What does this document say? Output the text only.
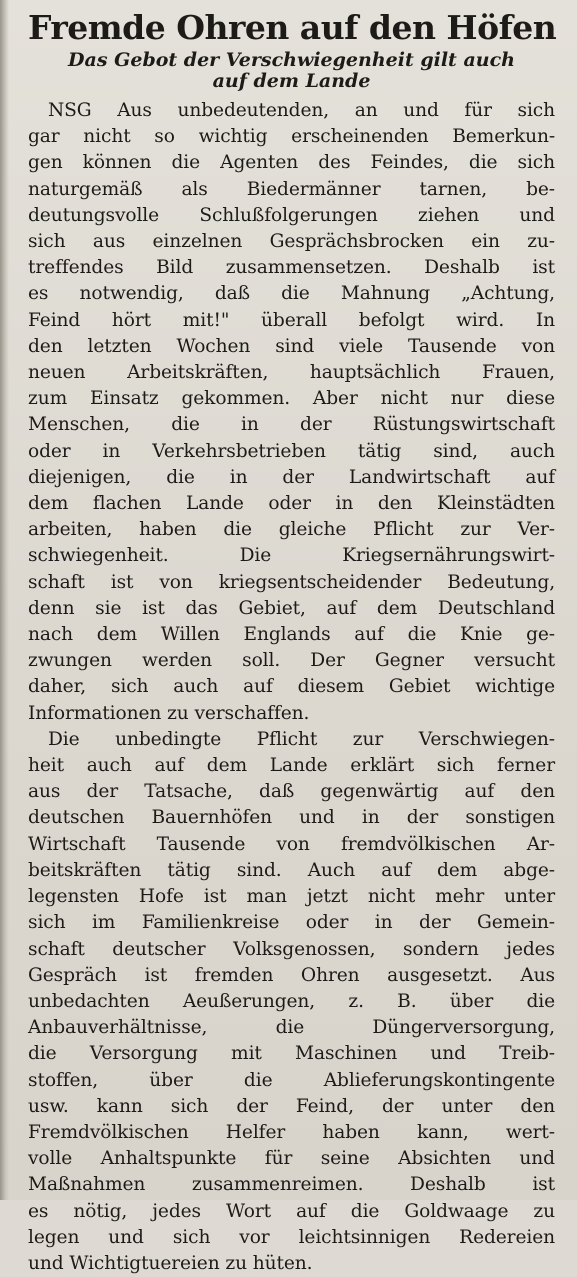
Fremde Ohren auf den Höfen
Das Gebot der Verschwiegenheit gilt auch
auf dem Lande

NSG Aus unbedeutenden, an und für sich
gar nicht so wichtig erscheinenden Bemerkun-
gen können die Agenten des Feindes, die sich
naturgemäß als Biedermänner tarnen, be-
deutungsvolle Schlußfolgerungen ziehen und
sich aus einzelnen Gesprächsbrocken ein zu-
treffendes Bild zusammensetzen. Deshalb ist
es notwendig, daß die Mahnung „Achtung,
Feind hört mit!" überall befolgt wird. In
den letzten Wochen sind viele Tausende von
neuen Arbeitskräften, hauptsächlich Frauen,
zum Einsatz gekommen. Aber nicht nur diese
Menschen, die in der Rüstungswirtschaft
oder in Verkehrsbetrieben tätig sind, auch
diejenigen, die in der Landwirtschaft auf
dem flachen Lande oder in den Kleinstädten
arbeiten, haben die gleiche Pflicht zur Ver-
schwiegenheit. Die Kriegsernährungswirt-
schaft ist von kriegsentscheidender Bedeutung,
denn sie ist das Gebiet, auf dem Deutschland
nach dem Willen Englands auf die Knie ge-
zwungen werden soll. Der Gegner versucht
daher, sich auch auf diesem Gebiet wichtige
Informationen zu verschaffen.

Die unbedingte Pflicht zur Verschwiegen-
heit auch auf dem Lande erklärt sich ferner
aus der Tatsache, daß gegenwärtig auf den
deutschen Bauernhöfen und in der sonstigen
Wirtschaft Tausende von fremdvölkischen Ar-
beitskräften tätig sind. Auch auf dem abge-
legensten Hofe ist man jetzt nicht mehr unter
sich im Familienkreise oder in der Gemein-
schaft deutscher Volksgenossen, sondern jedes
Gespräch ist fremden Ohren ausgesetzt. Aus
unbedachten Aeußerungen, z. B. über die
Anbauverhältnisse, die Düngerversorgung,
die Versorgung mit Maschinen und Treib-
stoffen, über die Ablieferungskontingente
usw. kann sich der Feind, der unter den
Fremdvölkischen Helfer haben kann, wert-
volle Anhaltspunkte für seine Absichten und
Maßnahmen zusammenreimen. Deshalb ist
es nötig, jedes Wort auf die Goldwaage zu
legen und sich vor leichtsinnigen Redereien
und Wichtigtuereien zu hüten.
